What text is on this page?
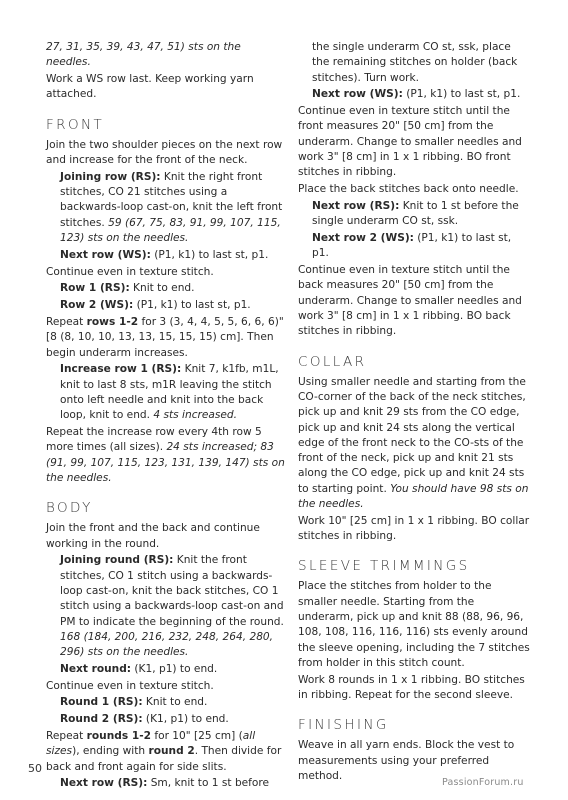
27, 31, 35, 39, 43, 47, 51) sts on the needles.

Work a WS row last. Keep working yarn attached.

FRONT

Join the two shoulder pieces on the next row and increase for the front of the neck.

Joining row (RS): Knit the right front stitches, CO 21 stitches using a backwards-loop cast-on, knit the left front stitches. 59 (67, 75, 83, 91, 99, 107, 115, 123) sts on the needles.

Next row (WS): (P1, k1) to last st, p1.

Continue even in texture stitch.

Row 1 (RS): Knit to end.

Row 2 (WS): (P1, k1) to last st, p1.

Repeat rows 1-2 for 3 (3, 4, 4, 5, 5, 6, 6, 6)" [8 (8, 10, 10, 13, 13, 15, 15, 15) cm]. Then begin underarm increases.

Increase row 1 (RS): Knit 7, k1fb, m1L, knit to last 8 sts, m1R leaving the stitch onto left needle and knit into the back loop, knit to end. 4 sts increased.

Repeat the increase row every 4th row 5 more times (all sizes). 24 sts increased; 83 (91, 99, 107, 115, 123, 131, 139, 147) sts on the needles.

BODY

Join the front and the back and continue working in the round.

Joining round (RS): Knit the front stitches, CO 1 stitch using a backwards-loop cast-on, knit the back stitches, CO 1 stitch using a backwards-loop cast-on and PM to indicate the beginning of the round. 168 (184, 200, 216, 232, 248, 264, 280, 296) sts on the needles.

Next round: (K1, p1) to end.

Continue even in texture stitch.

Round 1 (RS): Knit to end.

Round 2 (RS): (K1, p1) to end.

Repeat rounds 1-2 for 10" [25 cm] (all sizes), ending with round 2. Then divide for back and front again for side slits.

Next row (RS): Sm, knit to 1 st before

the single underarm CO st, ssk, place the remaining stitches on holder (back stitches). Turn work.

Next row (WS): (P1, k1) to last st, p1.

Continue even in texture stitch until the front measures 20" [50 cm] from the underarm. Change to smaller needles and work 3" [8 cm] in 1 x 1 ribbing. BO front stitches in ribbing.

Place the back stitches back onto needle.

Next row (RS): Knit to 1 st before the single underarm CO st, ssk.

Next row 2 (WS): (P1, k1) to last st, p1.

Continue even in texture stitch until the back measures 20" [50 cm] from the underarm. Change to smaller needles and work 3" [8 cm] in 1 x 1 ribbing. BO back stitches in ribbing.

COLLAR

Using smaller needle and starting from the CO-corner of the back of the neck stitches, pick up and knit 29 sts from the CO edge, pick up and knit 24 sts along the vertical edge of the front neck to the CO-sts of the front of the neck, pick up and knit 21 sts along the CO edge, pick up and knit 24 sts to starting point. You should have 98 sts on the needles.

Work 10" [25 cm] in 1 x 1 ribbing. BO collar stitches in ribbing.

SLEEVE TRIMMINGS

Place the stitches from holder to the smaller needle. Starting from the underarm, pick up and knit 88 (88, 96, 96, 108, 108, 116, 116, 116) sts evenly around the sleeve opening, including the 7 stitches from holder in this stitch count.

Work 8 rounds in 1 x 1 ribbing. BO stitches in ribbing. Repeat for the second sleeve.

FINISHING

Weave in all yarn ends. Block the vest to measurements using your preferred method.

50
PassionForum.ru
